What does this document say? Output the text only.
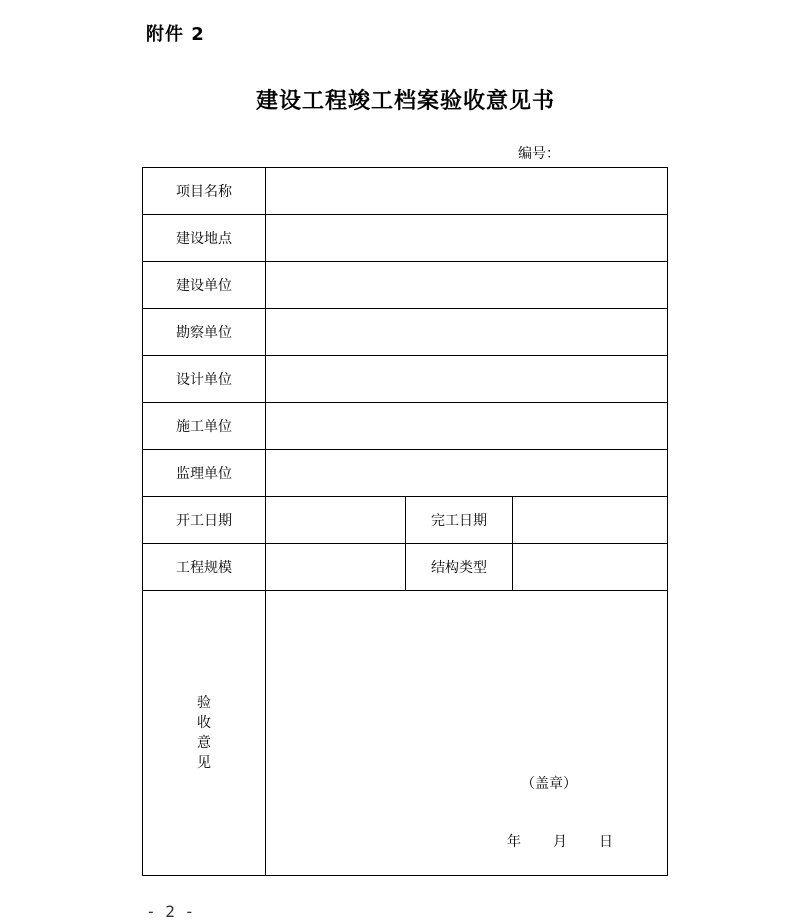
附件 2
建设工程竣工档案验收意见书
编号：
项目名称			
建设地点			
建设单位			
勘察单位			
设计单位			
施工单位			
监理单位			
开工日期		完工日期	
工程规模		结构类型	
验收意见	（盖章）
年 月 日		
- 2 -
